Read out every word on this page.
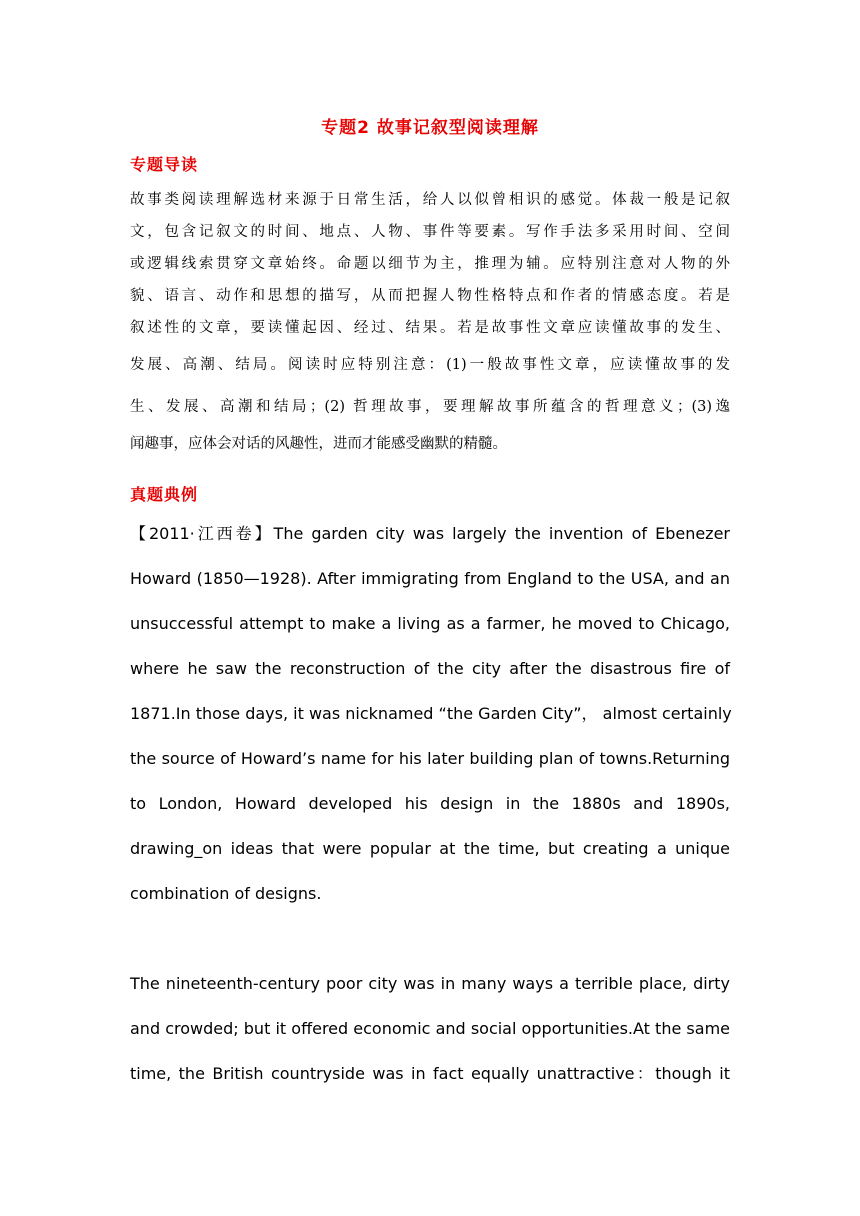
专题2 故事记叙型阅读理解
专题导读
故事类阅读理解选材来源于日常生活，给人以似曾相识的感觉。体裁一般是记叙
文，包含记叙文的时间、地点、人物、事件等要素。写作手法多采用时间、空间
或逻辑线索贯穿文章始终。命题以细节为主，推理为辅。应特别注意对人物的外
貌、语言、动作和思想的描写，从而把握人物性格特点和作者的情感态度。若是
叙述性的文章，要读懂起因、经过、结果。若是故事性文章应读懂故事的发生、
发展、高潮、结局。阅读时应特别注意：(1)一般故事性文章，应读懂故事的发
生、发展、高潮和结局；(2) 哲理故事，要理解故事所蕴含的哲理意义；(3)逸
闻趣事，应体会对话的风趣性，进而才能感受幽默的精髓。
真题典例
【2011·江西卷】The garden city was largely the invention of Ebenezer
Howard (1850—1928). After immigrating from England to the USA, and an
unsuccessful attempt to make a living as a farmer, he moved to Chicago,
where he saw the reconstruction of the city after the disastrous fire of
1871.In those days, it was nicknamed “the Garden City”， almost certainly
the source of Howard’s name for his later building plan of towns.Returning
to London, Howard developed his design in the 1880s and 1890s,
drawing_on ideas that were popular at the time, but creating a unique
combination of designs.
The nineteenth-century poor city was in many ways a terrible place, dirty
and crowded; but it offered economic and social opportunities.At the same
time, the British countryside was in fact equally unattractive：though it
